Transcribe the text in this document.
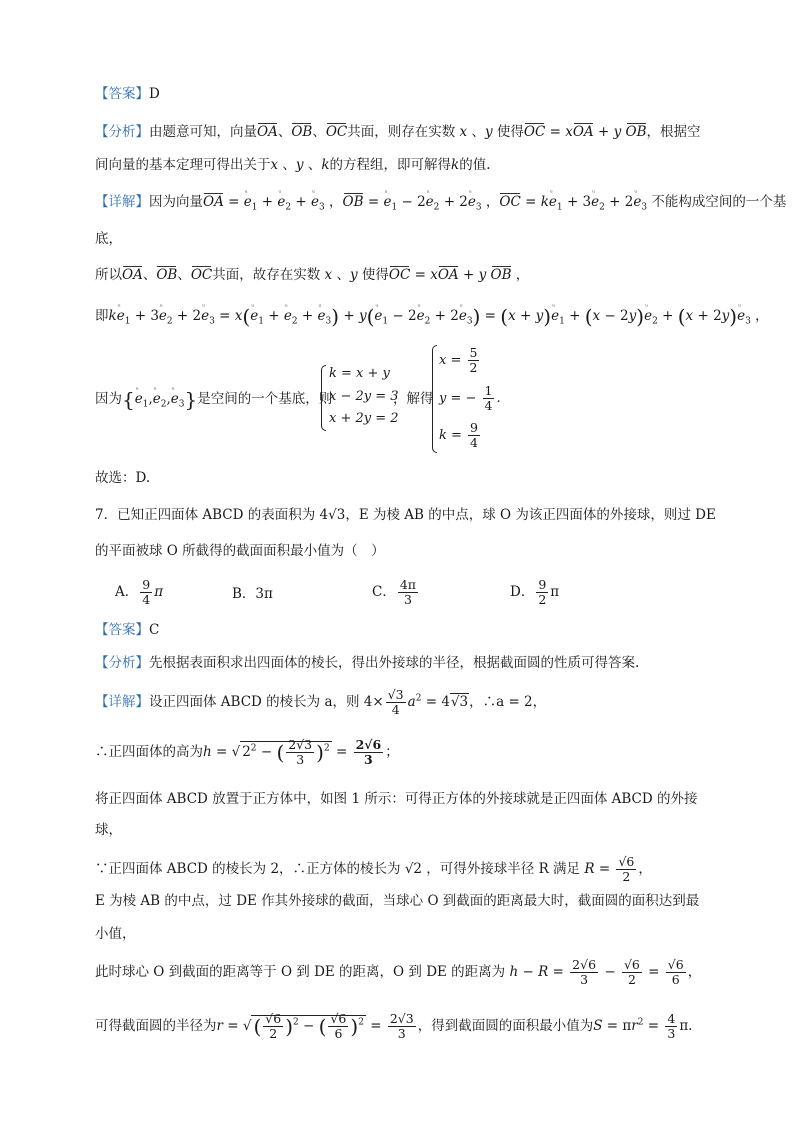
【答案】D
【分析】由题意可知，向量OA、OB、OC共面，则存在实数 x 、y 使得OC = xOA + y OB，根据空
间向量的基本定理可得出关于x 、y 、k的方程组，即可解得k的值.
【详解】因为向量OA = ᵘ $e_1$ + ᵘ $e_2$ + ᵘ $e_3$ ，OB = ᵘ $e_1$ − 2ᵘ $e_2$ + 2ᵘ $e_3$ ，OC = kᵘ $e_1$ + 3ᵘ $e_2$ + 2ᵘ $e_3$ 不能构成空间的一个基
底，
所以OA、OB、OC共面，故存在实数 x 、y 使得OC = xOA + y OB ，
即kᵘ $e_1$ + 3ᵘ $e_2$ + 2ᵘ $e_3$ = x(ᵘ $e_1$ + ᵘ $e_2$ + ᵘ $e_3$) + y(ᵘ $e_1$ − 2ᵘ $e_2$ + 2ᵘ $e_3) = (x$ + y)ᵘ $e_1 + (x$ − 2y)ᵘ $e_2 + (x$ + 2y)ᵘ $e_3$ ，
因为{ᵘ $e_1,ᵘ$ $e_2,ᵘ$ $e_3$}是空间的一个基底，则
k = x + y
x − 2y = 3
x + 2y = 2
，解得
$x = \frac{5}{2}$
y = − $\frac{1}{4}$ .
$k = \frac{9}{4}$
故选：D.
7．已知正四面体 ABCD 的表面积为 4√3，E 为棱 AB 的中点，球 O 为该正四面体的外接球，则过 DE
的平面被球 O 所截得的截面面积最小值为（　）
A． $\frac{9}{4}$ π	B．3π	C． $\frac{4\pi}{3}$	D． $\frac{9}{2}$ π
【答案】C
【分析】先根据表面积求出四面体的棱长，得出外接球的半径，根据截面圆的性质可得答案.
【详解】设正四面体 ABCD 的棱长为 a，则 $4\times \frac{√3}{4} a^2 = 4√3$，∴a = 2，
∴正四面体的高为h = √ $2^2$ − ( $\frac{2√3}{3} )^2 = \frac{2√6}{3}$ ；
将正四面体 ABCD 放置于正方体中，如图 1 所示：可得正方体的外接球就是正四面体 ABCD 的外接
球，
∵正四面体 ABCD 的棱长为 2，∴正方体的棱长为 √2 ，可得外接球半径 R 满足 $R = \frac{√6}{2}$ ，
E 为棱 AB 的中点，过 DE 作其外接球的截面，当球心 O 到截面的距离最大时，截面圆的面积达到最
小值，
此时球心 O 到截面的距离等于 O 到 DE 的距离，O 到 DE 的距离为 $h - R = \frac{2√6}{3} - \frac{√6}{2} = \frac{√6}{6}$ ，
可得截面圆的半径为r = √ ( $\frac{√6}{2} )^2$ − ( $\frac{√6}{6} )^2 = \frac{2√3}{3}$ ，得到截面圆的面积最小值为$S = \pi r^2 = \frac{4}{3} \pi$.
